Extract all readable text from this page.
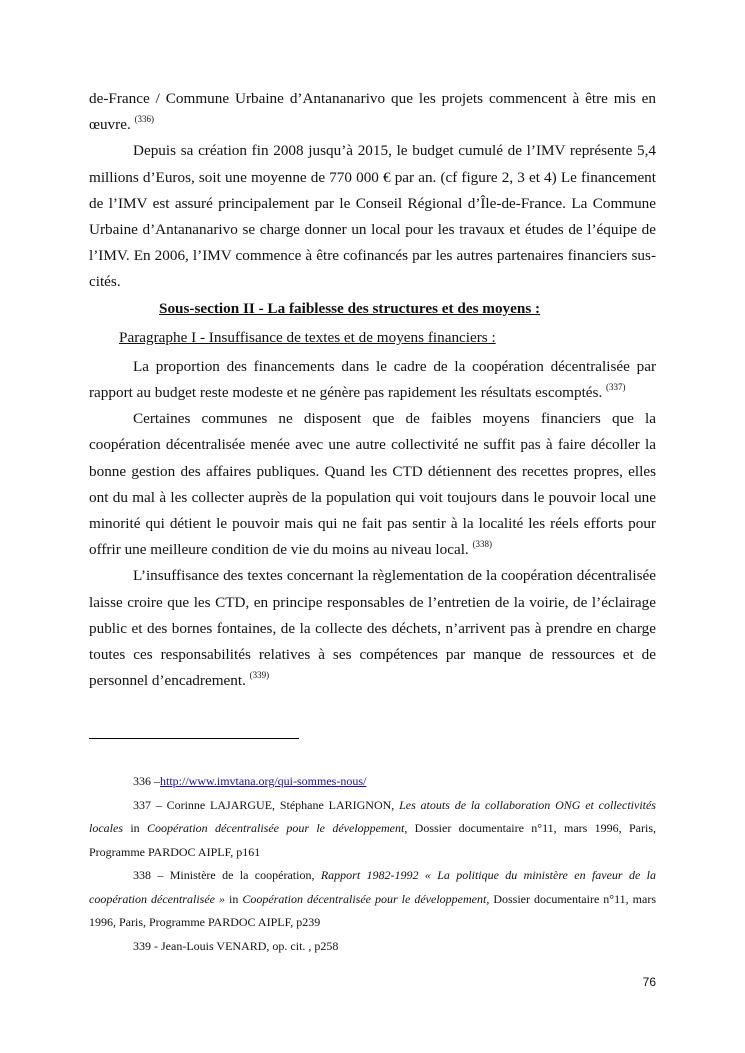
de-France / Commune Urbaine d’Antananarivo que les projets commencent à être mis en œuvre. $^{(336)}$

Depuis sa création fin 2008 jusqu’à 2015, le budget cumulé de l’IMV représente 5,4 millions d’Euros, soit une moyenne de 770 000 € par an. (cf figure 2, 3 et 4) Le financement de l’IMV est assuré principalement par le Conseil Régional d’Île-de-France. La Commune Urbaine d’Antananarivo se charge donner un local pour les travaux et études de l’équipe de l’IMV. En 2006, l’IMV commence à être cofinancés par les autres partenaires financiers sus-cités.

Sous-section II - La faiblesse des structures et des moyens :

Paragraphe I - Insuffisance de textes et de moyens financiers :

La proportion des financements dans le cadre de la coopération décentralisée par rapport au budget reste modeste et ne génère pas rapidement les résultats escomptés. $^{(337)}$

Certaines communes ne disposent que de faibles moyens financiers que la coopération décentralisée menée avec une autre collectivité ne suffit pas à faire décoller la bonne gestion des affaires publiques. Quand les CTD détiennent des recettes propres, elles ont du mal à les collecter auprès de la population qui voit toujours dans le pouvoir local une minorité qui détient le pouvoir mais qui ne fait pas sentir à la localité les réels efforts pour offrir une meilleure condition de vie du moins au niveau local. $^{(338)}$

L’insuffisance des textes concernant la règlementation de la coopération décentralisée laisse croire que les CTD, en principe responsables de l’entretien de la voirie, de l’éclairage public et des bornes fontaines, de la collecte des déchets, n’arrivent pas à prendre en charge toutes ces responsabilités relatives à ses compétences par manque de ressources et de personnel d’encadrement. $^{(339)}$

336 –http://www.imvtana.org/qui-sommes-nous/

337 – Corinne LAJARGUE, Stéphane LARIGNON, Les atouts de la collaboration ONG et collectivités locales in Coopération décentralisée pour le développement, Dossier documentaire n°11, mars 1996, Paris, Programme PARDOC AIPLF, p161

338 – Ministère de la coopération, Rapport 1982-1992 « La politique du ministère en faveur de la coopération décentralisée » in Coopération décentralisée pour le développement, Dossier documentaire n°11, mars 1996, Paris, Programme PARDOC AIPLF, p239

339 - Jean-Louis VENARD, op. cit. , p258

76
